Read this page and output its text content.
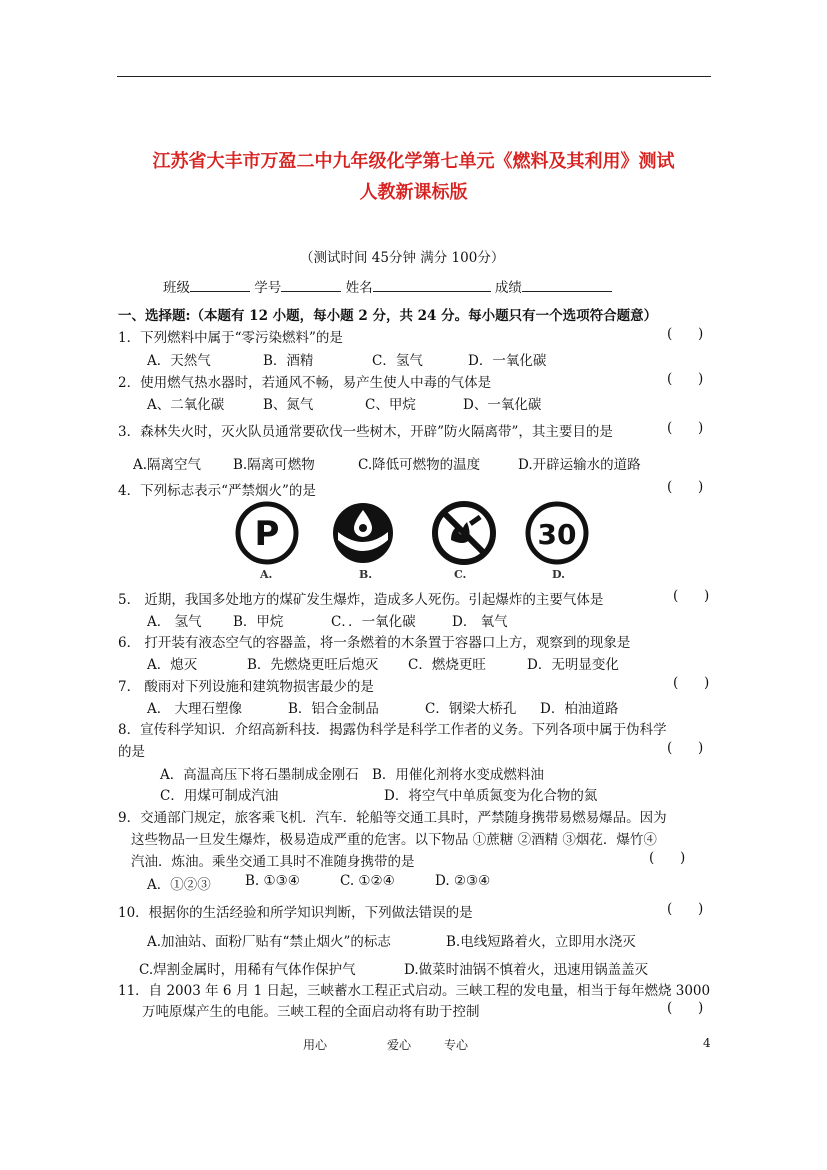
江苏省大丰市万盈二中九年级化学第七单元《燃料及其利用》测试
人教新课标版
（测试时间 45分钟 满分 100分）
班级	学号	姓名	成绩
一、选择题:（本题有 12 小题，每小题 2 分，共 24 分。每小题只有一个选项符合题意）
1．下列燃料中属于“零污染燃料”的是	(      )
A．天然气	B．酒精	C．氢气	D．一氧化碳
2．使用燃气热水器时，若通风不畅，易产生使人中毒的气体是	(      )
A、二氧化碳	B、氮气	C、甲烷	D、一氧化碳
3．森林失火时，灭火队员通常要砍伐一些树木，开辟”防火隔离带”，其主要目的是	(      )
A.隔离空气 B.隔离可燃物	C.降低可燃物的温度	D.开辟运输水的道路
4．下列标志表示“严禁烟火”的是	(      )
P
A.	B.	C.
30
D.
5． 近期，我国多处地方的煤矿发生爆炸，造成多人死伤。引起爆炸的主要气体是	(      )
A． 氢气 B．甲烷	C．．一氧化碳	D． 氧气
6． 打开装有液态空气的容器盖，将一条燃着的木条置于容器口上方，观察到的现象是
A．熄灭	B．先燃烧更旺后熄灭 C．燃烧更旺	D．无明显变化
7． 酸雨对下列设施和建筑物损害最少的是	(      )
A． 大理石塑像	B．铝合金制品	C．钢梁大桥孔 D．柏油道路
8．宣传科学知识．介绍高新科技．揭露伪科学是科学工作者的义务。下列各项中属于伪科学
的是	(      )
A．高温高压下将石墨制成金刚石 B．用催化剂将水变成燃料油
C．用煤可制成汽油	D．将空气中单质氮变为化合物的氮
9．交通部门规定，旅客乘飞机．汽车．轮船等交通工具时，严禁随身携带易燃易爆品。因为
这些物品一旦发生爆炸，极易造成严重的危害。以下物品 ①蔗糖 ②酒精 ③烟花．爆竹④
汽油．炼油。乘坐交通工具时不准随身携带的是	(      )
A．①②③	B. ①③④	C. ①②④	D. ②③④
10．根据你的生活经验和所学知识判断，下列做法错误的是	(      )
A.加油站、面粉厂贴有“禁止烟火”的标志	B.电线短路着火，立即用水浇灭
C.焊割金属时，用稀有气体作保护气	D.做菜时油锅不慎着火，迅速用锅盖盖灭
11．自 2003 年 6 月 1 日起，三峡蓄水工程正式启动。三峡工程的发电量，相当于每年燃烧 3000
万吨原煤产生的电能。三峡工程的全面启动将有助于控制	(      )
用心	爱心	专心	4
